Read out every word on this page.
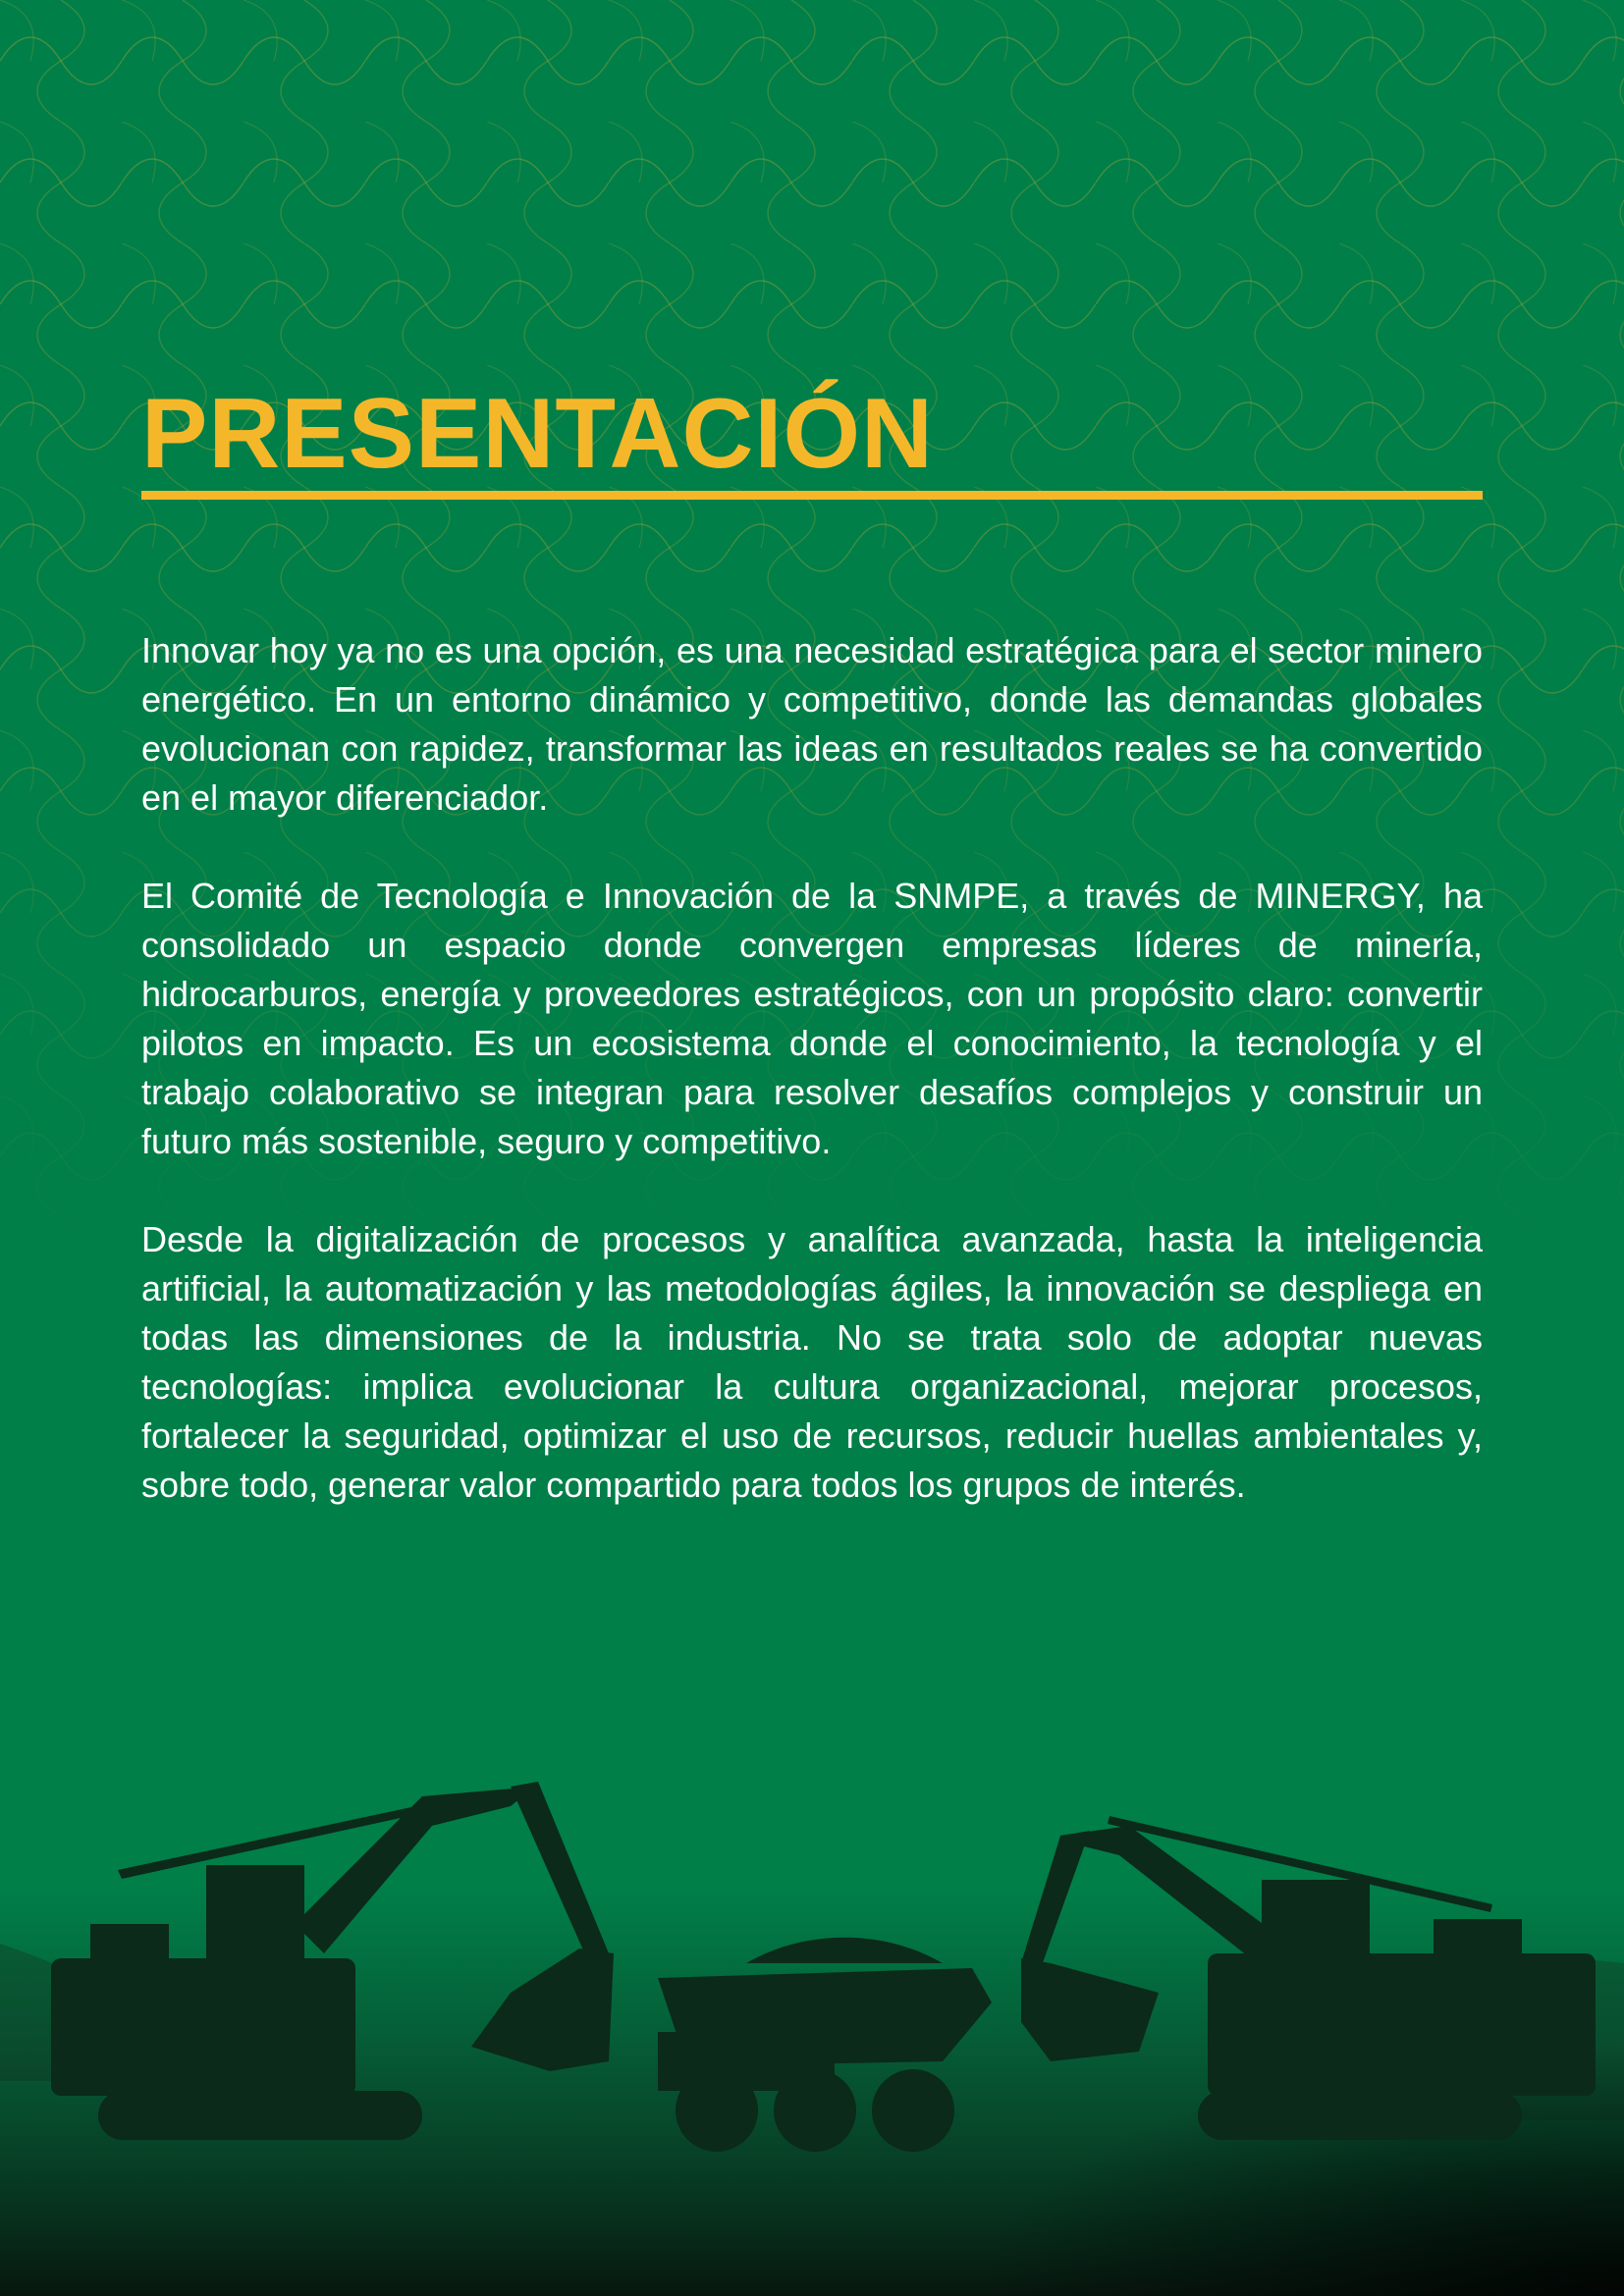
PRESENTACIÓN

Innovar hoy ya no es una opción, es una necesidad estratégica para el sector minero energético. En un entorno dinámico y competitivo, donde las demandas globales evolucionan con rapidez, transformar las ideas en resultados reales se ha convertido en el mayor diferenciador.

El Comité de Tecnología e Innovación de la SNMPE, a través de MINERGY, ha consolidado un espacio donde convergen empresas líderes de minería, hidrocarburos, energía y proveedores estratégicos, con un propósito claro: convertir pilotos en impacto. Es un ecosistema donde el conocimiento, la tecnología y el trabajo colaborativo se integran para resolver desafíos complejos y construir un futuro más sostenible, seguro y competitivo.

Desde la digitalización de procesos y analítica avanzada, hasta la inteligencia artificial, la automatización y las metodologías ágiles, la innovación se despliega en todas las dimensiones de la industria. No se trata solo de adoptar nuevas tecnologías: implica evolucionar la cultura organizacional, mejorar procesos, fortalecer la seguridad, optimizar el uso de recursos, reducir huellas ambientales y, sobre todo, generar valor compartido para todos los grupos de interés.
